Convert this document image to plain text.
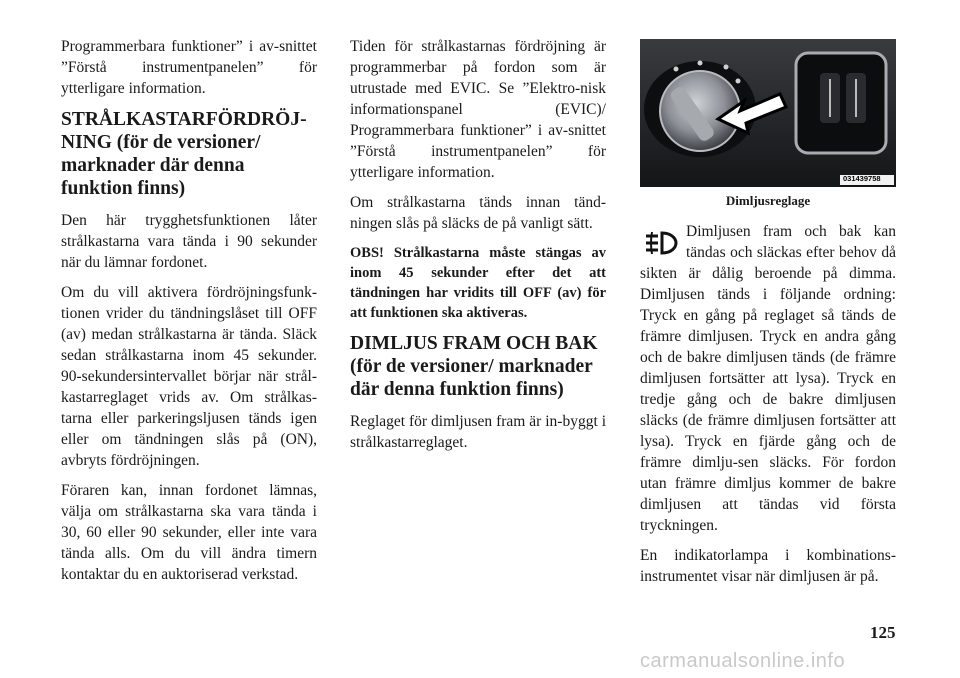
Programmerbara funktioner” i av-snittet ”Förstå instrumentpanelen” för ytterligare information.

STRÅLKASTARFÖRDRÖJ-NING (för de versioner/ marknader där denna funktion finns)

Den här trygghetsfunktionen låter strålkastarna vara tända i 90 sekunder när du lämnar fordonet.

Om du vill aktivera fördröjningsfunk-tionen vrider du tändningslåset till OFF (av) medan strålkastarna är tända. Släck sedan strålkastarna inom 45 sekunder. 90-sekundersintervallet börjar när strål-kastarreglaget vrids av. Om strålkas-tarna eller parkeringsljusen tänds igen eller om tändningen slås på (ON), avbryts fördröjningen.

Föraren kan, innan fordonet lämnas, välja om strålkastarna ska vara tända i 30, 60 eller 90 sekunder, eller inte vara tända alls. Om du vill ändra timern kontaktar du en auktoriserad verkstad.

Tiden för strålkastarnas fördröjning är programmerbar på fordon som är utrustade med EVIC. Se ”Elektro-nisk informationspanel (EVIC)/ Programmerbara funktioner” i av-snittet ”Förstå instrumentpanelen” för ytterligare information.

Om strålkastarna tänds innan tänd-ningen slås på släcks de på vanligt sätt.

OBS! Strålkastarna måste stängas av inom 45 sekunder efter det att tändningen har vridits till OFF (av) för att funktionen ska aktiveras.

DIMLJUS FRAM OCH BAK (för de versioner/ marknader där denna funktion finns)

Reglaget för dimljusen fram är in-byggt i strålkastarreglaget.

031439758
Dimljusreglage

Dimljusen fram och bak kan tändas och släckas efter behov då sikten är dålig beroende på dimma. Dimljusen tänds i följande ordning: Tryck en gång på reglaget så tänds de främre dimljusen. Tryck en andra gång och de bakre dimljusen tänds (de främre dimljusen fortsätter att lysa). Tryck en tredje gång och de bakre dimljusen släcks (de främre dimljusen fortsätter att lysa). Tryck en fjärde gång och de främre dimlju-sen släcks. För fordon utan främre dimljus kommer de bakre dimljusen att tändas vid första tryckningen.

En indikatorlampa i kombinations-instrumentet visar när dimljusen är på.

125
carmanualsonline.info
